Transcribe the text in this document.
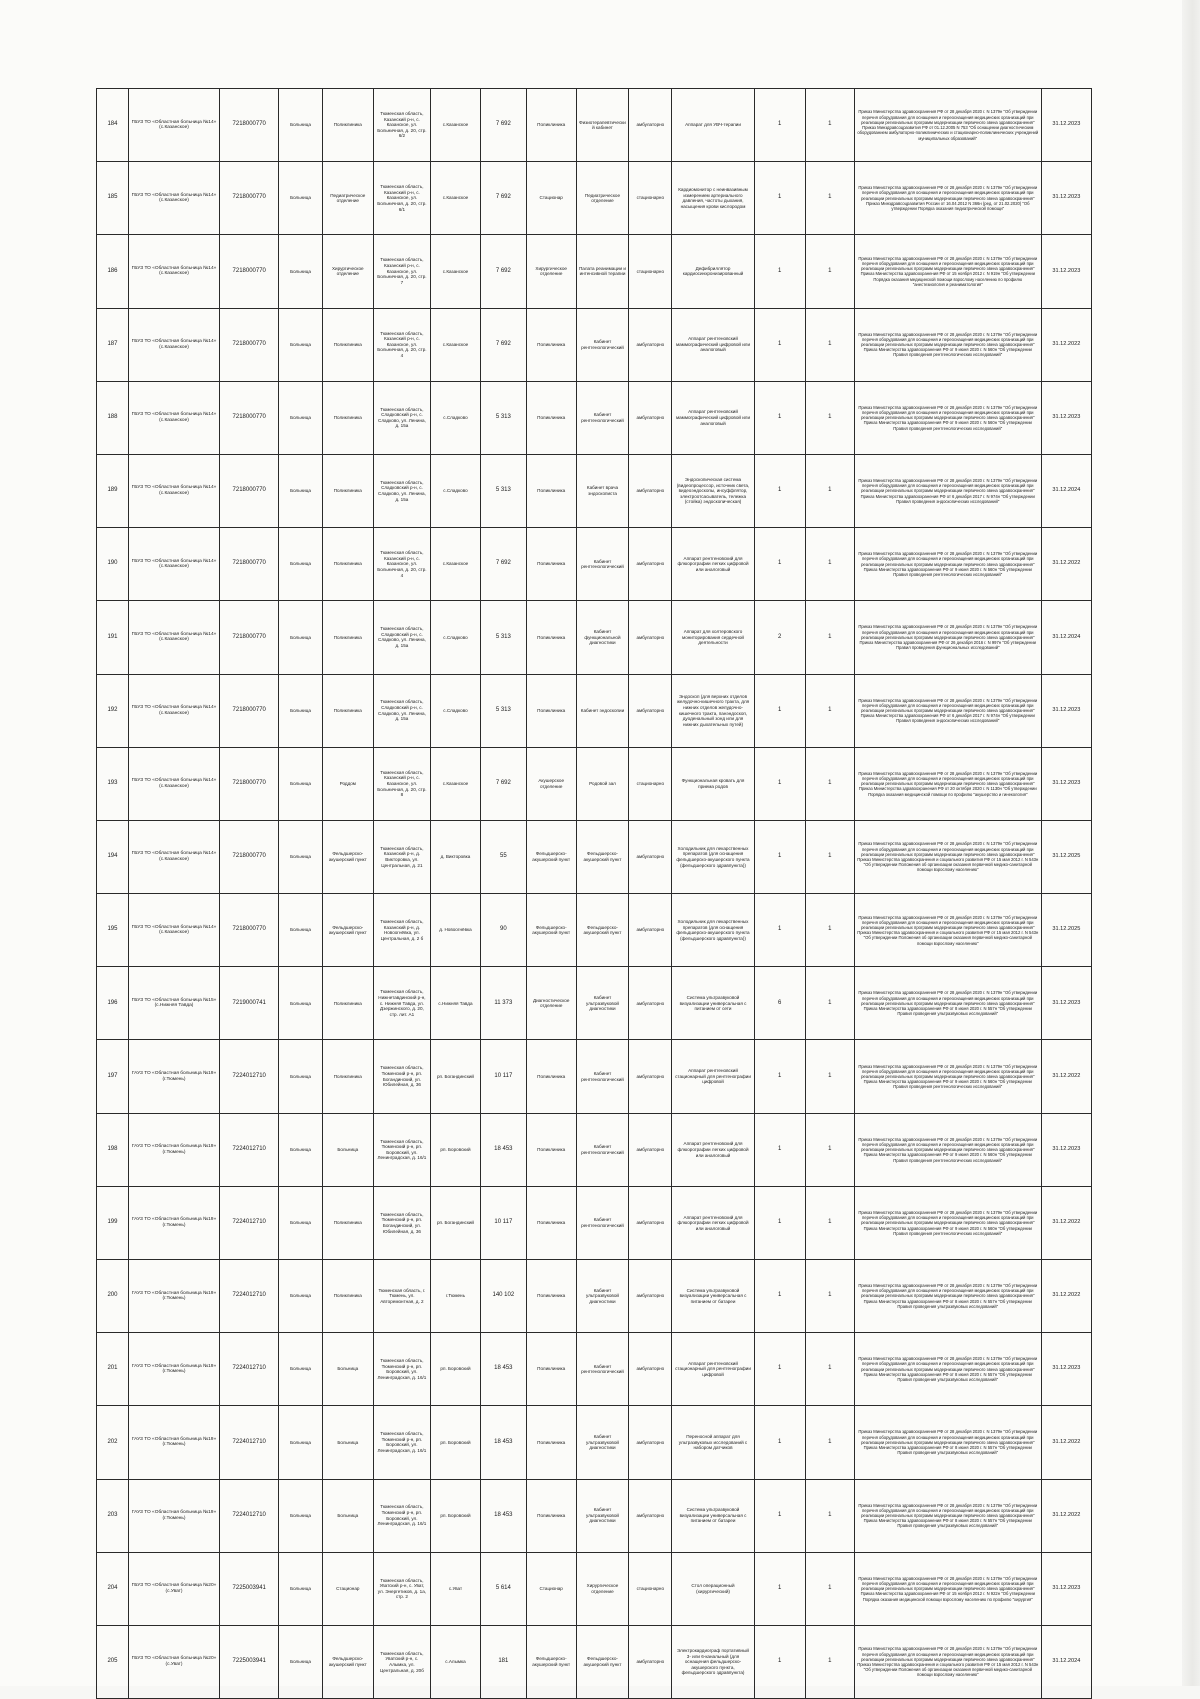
184	ГБУЗ ТО «Областная больница №14» (с.Казанское)	7218000770	Больница	Поликлиника	Тюменская область, Казанский р-н, с. Казанское, ул. Больничная, д. 20, стр. 6/2	с.Казанское	7 692	Поликлиника	Физиотерапевтический кабинет	амбулаторно	Аппарат для УВЧ-терапии	1	1	Приказ Министерства здравоохранения РФ от 28 декабря 2020 г. N 1379н "Об утверждении перечня оборудования для оснащения и переоснащения медицинских организаций при реализации региональных программ модернизации первичного звена здравоохранения" Приказ Минздравсоцразвития РФ от 01.12.2005 N 753 "Об оснащении диагностическим оборудованием амбулаторно-поликлинических и стационарно-поликлинических учреждений муниципальных образований"	31.12.2023
185	ГБУЗ ТО «Областная больница №14» (с.Казанское)	7218000770	Больница	Педиатрическое отделение	Тюменская область, Казанский р-н, с. Казанское, ул. Больничная, д. 20, стр. 6/1	с.Казанское	7 692	Стационар	Педиатрическое отделение	стационарно	Кардиомонитор с неинвазивным измерением артериального давления, частоты дыхания, насыщения крови кислородом	1	1	Приказ Министерства здравоохранения РФ от 28 декабря 2020 г. N 1379н "Об утверждении перечня оборудования для оснащения и переоснащения медицинских организаций при реализации региональных программ модернизации первичного звена здравоохранения" Приказ Минздравсоцразвития России от 16.04.2012 N 366н (ред. от 21.02.2020) "Об утверждении Порядка оказания педиатрической помощи"	31.12.2023
186	ГБУЗ ТО «Областная больница №14» (с.Казанское)	7218000770	Больница	Хирургическое отделение	Тюменская область, Казанский р-н, с. Казанское, ул. Больничная, д. 20, стр. 7	с.Казанское	7 692	Хирургическое отделение	Палата реанимации и интенсивной терапии	стационарно	Дефибриллятор кардиосинхронизированный	1	1	Приказ Министерства здравоохранения РФ от 28 декабря 2020 г. N 1379н "Об утверждении перечня оборудования для оснащения и переоснащения медицинских организаций при реализации региональных программ модернизации первичного звена здравоохранения" Приказ Министерства здравоохранения РФ от 15 ноября 2012 г. N 919н "Об утверждении Порядка оказания медицинской помощи взрослому населению по профилю "анестезиология и реаниматология"	31.12.2023
187	ГБУЗ ТО «Областная больница №14» (с.Казанское)	7218000770	Больница	Поликлиника	Тюменская область, Казанский р-н, с. Казанское, ул. Больничная, д. 20, стр. 4	с.Казанское	7 692	Поликлиника	Кабинет рентгенологический	амбулаторно	Аппарат рентгеновский маммографический цифровой или аналоговый	1	1	Приказ Министерства здравоохранения РФ от 28 декабря 2020 г. N 1379н "Об утверждении перечня оборудования для оснащения и переоснащения медицинских организаций при реализации региональных программ модернизации первичного звена здравоохранения" Приказ Министерства здравоохранения РФ от 9 июня 2020 г. N 560н "Об утверждении Правил проведения рентгенологических исследований"	31.12.2022
188	ГБУЗ ТО «Областная больница №14» (с.Казанское)	7218000770	Больница	Поликлиника	Тюменская область, Сладковский р-н, с. Сладково, ул. Ленина, д. 15а	с.Сладково	5 313	Поликлиника	Кабинет рентгенологический	амбулаторно	Аппарат рентгеновский маммографический цифровой или аналоговый	1	1	Приказ Министерства здравоохранения РФ от 28 декабря 2020 г. N 1379н "Об утверждении перечня оборудования для оснащения и переоснащения медицинских организаций при реализации региональных программ модернизации первичного звена здравоохранения" Приказ Министерства здравоохранения РФ от 9 июня 2020 г. N 560н "Об утверждении Правил проведения рентгенологических исследований"	31.12.2023
189	ГБУЗ ТО «Областная больница №14» (с.Казанское)	7218000770	Больница	Поликлиника	Тюменская область, Сладковский р-н, с. Сладково, ул. Ленина, д. 15а	с.Сладково	5 313	Поликлиника	Кабинет врача эндоскописта	амбулаторно	Эндоскопическая система (видеопроцессор, источник света, видеоэндоскопы, инсуффлятор, электроотсасыватель, тележка (стойка) эндоскопическая)	1	1	Приказ Министерства здравоохранения РФ от 28 декабря 2020 г. N 1379н "Об утверждении перечня оборудования для оснащения и переоснащения медицинских организаций при реализации региональных программ модернизации первичного звена здравоохранения" Приказ Министерства здравоохранения РФ от 6 декабря 2017 г. N 974н "Об утверждении Правил проведения эндоскопических исследований"	31.12.2024
190	ГБУЗ ТО «Областная больница №14» (с.Казанское)	7218000770	Больница	Поликлиника	Тюменская область, Казанский р-н, с. Казанское, ул. Больничная, д. 20, стр. 4	с.Казанское	7 692	Поликлиника	Кабинет рентгенологический	амбулаторно	Аппарат рентгеновский для флюорографии легких цифровой или аналоговый	1	1	Приказ Министерства здравоохранения РФ от 28 декабря 2020 г. N 1379н "Об утверждении перечня оборудования для оснащения и переоснащения медицинских организаций при реализации региональных программ модернизации первичного звена здравоохранения" Приказ Министерства здравоохранения РФ от 9 июня 2020 г. N 560н "Об утверждении Правил проведения рентгенологических исследований"	31.12.2022
191	ГБУЗ ТО «Областная больница №14» (с.Казанское)	7218000770	Больница	Поликлиника	Тюменская область, Сладковский р-н, с. Сладково, ул. Ленина, д. 15а	с.Сладково	5 313	Поликлиника	Кабинет функциональной диагностики	амбулаторно	Аппарат для холтеровского мониторирования сердечной деятельности	2	1	Приказ Министерства здравоохранения РФ от 28 декабря 2020 г. N 1379н "Об утверждении перечня оборудования для оснащения и переоснащения медицинских организаций при реализации региональных программ модернизации первичного звена здравоохранения" Приказ Министерства здравоохранения РФ от 26 декабря 2016 г. N 997н "Об утверждении Правил проведения функциональных исследований"	31.12.2024
192	ГБУЗ ТО «Областная больница №14» (с.Казанское)	7218000770	Больница	Поликлиника	Тюменская область, Сладковский р-н, с. Сладково, ул. Ленина, д. 15а	с.Сладково	5 313	Поликлиника	Кабинет эндоскопии	амбулаторно	Эндоскоп (для верхних отделов желудочно-кишечного тракта, для нижних отделов желудочно-кишечного тракта, панэндоскоп, дуоденальный зонд или для нижних дыхательных путей)	1	1	Приказ Министерства здравоохранения РФ от 28 декабря 2020 г. N 1379н "Об утверждении перечня оборудования для оснащения и переоснащения медицинских организаций при реализации региональных программ модернизации первичного звена здравоохранения" Приказ Министерства здравоохранения РФ от 6 декабря 2017 г. N 974н "Об утверждении Правил проведения эндоскопических исследований"	31.12.2023
193	ГБУЗ ТО «Областная больница №14» (с.Казанское)	7218000770	Больница	Роддом	Тюменская область, Казанский р-н, с. Казанское, ул. Больничная, д. 20, стр. 8	с.Казанское	7 692	Акушерское отделение	Родовой зал	стационарно	Функциональная кровать для приема родов	1	1	Приказ Министерства здравоохранения РФ от 28 декабря 2020 г. N 1379н "Об утверждении перечня оборудования для оснащения и переоснащения медицинских организаций при реализации региональных программ модернизации первичного звена здравоохранения" Приказ Министерства здравоохранения РФ от 20 октября 2020 г. N 1130н "Об утверждении Порядка оказания медицинской помощи по профилю "акушерство и гинекология"	31.12.2023
194	ГБУЗ ТО «Областная больница №14» (с.Казанское)	7218000770	Больница	Фельдшерско-акушерский пункт	Тюменская область, Казанский р-н, д. Викторовка, ул. Центральная, д. 21	д. Викторовка	55	Фельдшерско-акушерский пункт	Фельдшерско-акушерский пункт	амбулаторно	Холодильник для лекарственных препаратов (для оснащения фельдшерско-акушерского пункта (фельдшерского здравпункта))	1	1	Приказ Министерства здравоохранения РФ от 28 декабря 2020 г. N 1379н "Об утверждении перечня оборудования для оснащения и переоснащения медицинских организаций при реализации региональных программ модернизации первичного звена здравоохранения" Приказ Министерства здравоохранения и социального развития РФ от 15 мая 2012 г. N 543н "Об утверждении Положения об организации оказания первичной медико-санитарной помощи взрослому населению"	31.12.2025
195	ГБУЗ ТО «Областная больница №14» (с.Казанское)	7218000770	Больница	Фельдшерско-акушерский пункт	Тюменская область, Казанский р-н, д. Новоогнёвка, ул. Центральная, д. 2 б	д. Новоогнёвка	90	Фельдшерско-акушерский пункт	Фельдшерско-акушерский пункт	амбулаторно	Холодильник для лекарственных препаратов (для оснащения фельдшерско-акушерского пункта (фельдшерского здравпункта))	1	1	Приказ Министерства здравоохранения РФ от 28 декабря 2020 г. N 1379н "Об утверждении перечня оборудования для оснащения и переоснащения медицинских организаций при реализации региональных программ модернизации первичного звена здравоохранения" Приказ Министерства здравоохранения и социального развития РФ от 15 мая 2012 г. N 543н "Об утверждении Положения об организации оказания первичной медико-санитарной помощи взрослому населению"	31.12.2025
196	ГБУЗ ТО «Областная больница №15» (с.Нижняя Тавда)	7219000741	Больница	Поликлиника	Тюменская область, Нижнетавдинский р-н, с. Нижняя Тавда, ул. Дзержинского, д. 20, стр. лит. А1	с.Нижняя Тавда	11 373	Диагностическое отделение	Кабинет ультразвуковой диагностики	амбулаторно	Система ультразвуковой визуализации универсальная с питанием от сети	6	1	Приказ Министерства здравоохранения РФ от 28 декабря 2020 г. N 1379н "Об утверждении перечня оборудования для оснащения и переоснащения медицинских организаций при реализации региональных программ модернизации первичного звена здравоохранения" Приказ Министерства здравоохранения РФ от 8 июня 2020 г. N 557н "Об утверждении Правил проведения ультразвуковых исследований"	31.12.2023
197	ГАУЗ ТО «Областная больница №19» (г.Тюмень)	7224012710	Больница	Поликлиника	Тюменская область, Тюменский р-н, рп. Богандинский, ул. Юбилейная, д. 36	рп. Богандинский	10 117	Поликлиника	Кабинет рентгенологический	амбулаторно	Аппарат рентгеновский стационарный для рентгенографии цифровой	1	1	Приказ Министерства здравоохранения РФ от 28 декабря 2020 г. N 1379н "Об утверждении перечня оборудования для оснащения и переоснащения медицинских организаций при реализации региональных программ модернизации первичного звена здравоохранения" Приказ Министерства здравоохранения РФ от 9 июня 2020 г. N 560н "Об утверждении Правил проведения рентгенологических исследований"	31.12.2022
198	ГАУЗ ТО «Областная больница №19» (г.Тюмень)	7224012710	Больница	Больница	Тюменская область, Тюменский р-н, рп. Боровский, ул. Ленинградская, д. 16/1	рп. Боровский	18 453	Поликлиника	Кабинет рентгенологический	амбулаторно	Аппарат рентгеновский для флюорографии легких цифровой или аналоговый	1	1	Приказ Министерства здравоохранения РФ от 28 декабря 2020 г. N 1379н "Об утверждении перечня оборудования для оснащения и переоснащения медицинских организаций при реализации региональных программ модернизации первичного звена здравоохранения" Приказ Министерства здравоохранения РФ от 9 июня 2020 г. N 560н "Об утверждении Правил проведения рентгенологических исследований"	31.12.2023
199	ГАУЗ ТО «Областная больница №19» (г.Тюмень)	7224012710	Больница	Поликлиника	Тюменская область, Тюменский р-н, рп. Богандинский, ул. Юбилейная, д. 36	рп. Богандинский	10 117	Поликлиника	Кабинет рентгенологический	амбулаторно	Аппарат рентгеновский для флюорографии легких цифровой или аналоговый	1	1	Приказ Министерства здравоохранения РФ от 28 декабря 2020 г. N 1379н "Об утверждении перечня оборудования для оснащения и переоснащения медицинских организаций при реализации региональных программ модернизации первичного звена здравоохранения" Приказ Министерства здравоохранения РФ от 9 июня 2020 г. N 560н "Об утверждении Правил проведения рентгенологических исследований"	31.12.2022
200	ГАУЗ ТО «Областная больница №19» (г.Тюмень)	7224012710	Больница	Поликлиника	Тюменская область, г. Тюмень, ул. Авторемонтная, д. 2	г.Тюмень	140 102	Поликлиника	Кабинет ультразвуковой диагностики	амбулаторно	Система ультразвуковой визуализации универсальная с питанием от батареи	1	1	Приказ Министерства здравоохранения РФ от 28 декабря 2020 г. N 1379н "Об утверждении перечня оборудования для оснащения и переоснащения медицинских организаций при реализации региональных программ модернизации первичного звена здравоохранения" Приказ Министерства здравоохранения РФ от 8 июня 2020 г. N 557н "Об утверждении Правил проведения ультразвуковых исследований"	31.12.2022
201	ГАУЗ ТО «Областная больница №19» (г.Тюмень)	7224012710	Больница	Больница	Тюменская область, Тюменский р-н, рп. Боровский, ул. Ленинградская, д. 16/1	рп. Боровский	18 453	Поликлиника	Кабинет рентгенологический	амбулаторно	Аппарат рентгеновский стационарный для рентгенографии цифровой	1	1	Приказ Министерства здравоохранения РФ от 28 декабря 2020 г. N 1379н "Об утверждении перечня оборудования для оснащения и переоснащения медицинских организаций при реализации региональных программ модернизации первичного звена здравоохранения" Приказ Министерства здравоохранения РФ от 8 июня 2020 г. N 557н "Об утверждении Правил проведения ультразвуковых исследований"	31.12.2023
202	ГАУЗ ТО «Областная больница №19» (г.Тюмень)	7224012710	Больница	Больница	Тюменская область, Тюменский р-н, рп. Боровский, ул. Ленинградская, д. 16/1	рп. Боровский	18 453	Поликлиника	Кабинет ультразвуковой диагностики	амбулаторно	Переносной аппарат для ультразвуковых исследований с набором датчиков	1	1	Приказ Министерства здравоохранения РФ от 28 декабря 2020 г. N 1379н "Об утверждении перечня оборудования для оснащения и переоснащения медицинских организаций при реализации региональных программ модернизации первичного звена здравоохранения" Приказ Министерства здравоохранения РФ от 8 июня 2020 г. N 557н "Об утверждении Правил проведения ультразвуковых исследований"	31.12.2022
203	ГАУЗ ТО «Областная больница №19» (г.Тюмень)	7224012710	Больница	Больница	Тюменская область, Тюменский р-н, рп. Боровский, ул. Ленинградская, д. 16/1	рп. Боровский	18 453	Поликлиника	Кабинет ультразвуковой диагностики	амбулаторно	Система ультразвуковой визуализации универсальная с питанием от батареи	1	1	Приказ Министерства здравоохранения РФ от 28 декабря 2020 г. N 1379н "Об утверждении перечня оборудования для оснащения и переоснащения медицинских организаций при реализации региональных программ модернизации первичного звена здравоохранения" Приказ Министерства здравоохранения РФ от 8 июня 2020 г. N 557н "Об утверждении Правил проведения ультразвуковых исследований"	31.12.2022
204	ГБУЗ ТО «Областная больница №20» (с.Уват)	7225003941	Больница	Стационар	Тюменская область, Уватский р-н, с. Уват, ул. Энергетиков, д. 1а, стр. 2	с.Уват	5 614	Стационар	Хирургическое отделение	стационарно	Стол операционный (хирургический)	1	1	Приказ Министерства здравоохранения РФ от 28 декабря 2020 г. N 1379н "Об утверждении перечня оборудования для оснащения и переоснащения медицинских организаций при реализации региональных программ модернизации первичного звена здравоохранения" Приказ Министерства здравоохранения РФ от 15 ноября 2012 г. N 922н "Об утверждении Порядка оказания медицинской помощи взрослому населению по профилю "хирургия"	31.12.2023
205	ГБУЗ ТО «Областная больница №20» (с.Уват)	7225003941	Больница	Фельдшерско-акушерский пункт	Тюменская область, Уватский р-н, с. Алымка, ул. Центральная, д. 20б	с.Алымка	181	Фельдшерско-акушерский пункт	Фельдшерско-акушерский пункт	амбулаторно	Электрокардиограф портативный 3- или 6-канальный (для оснащения фельдшерско-акушерского пункта, фельдшерского здравпункта)	1	1	Приказ Министерства здравоохранения РФ от 28 декабря 2020 г. N 1379н "Об утверждении перечня оборудования для оснащения и переоснащения медицинских организаций при реализации региональных программ модернизации первичного звена здравоохранения" Приказ Министерства здравоохранения и социального развития РФ от 15 мая 2012 г. N 543н "Об утверждении Положения об организации оказания первичной медико-санитарной помощи взрослому населению"	31.12.2024
